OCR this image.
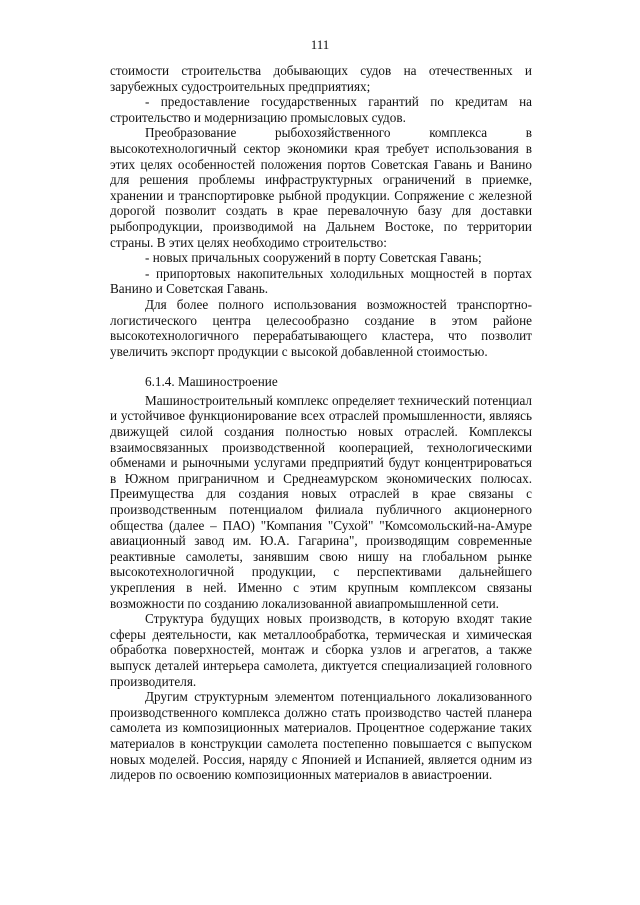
111

стоимости строительства добывающих судов на отечественных и зарубежных судостроительных предприятиях;

- предоставление государственных гарантий по кредитам на строительство и модернизацию промысловых судов.

Преобразование рыбохозяйственного комплекса в высокотехнологичный сектор экономики края требует использования в этих целях особенностей положения портов Советская Гавань и Ванино для решения проблемы инфраструктурных ограничений в приемке, хранении и транспортировке рыбной продукции. Сопряжение с железной дорогой позволит создать в крае перевалочную базу для доставки рыбопродукции, производимой на Дальнем Востоке, по территории страны. В этих целях необходимо строительство:

- новых причальных сооружений в порту Советская Гавань;

- припортовых накопительных холодильных мощностей в портах Ванино и Советская Гавань.

Для более полного использования возможностей транспортно-логистического центра целесообразно создание в этом районе высокотехнологичного перерабатывающего кластера, что позволит увеличить экспорт продукции с высокой добавленной стоимостью.

6.1.4. Машиностроение

Машиностроительный комплекс определяет технический потенциал и устойчивое функционирование всех отраслей промышленности, являясь движущей силой создания полностью новых отраслей. Комплексы взаимосвязанных производственной кооперацией, технологическими обменами и рыночными услугами предприятий будут концентрироваться в Южном приграничном и Среднеамурском экономических полюсах. Преимущества для создания новых отраслей в крае связаны с производственным потенциалом филиала публичного акционерного общества (далее – ПАО) "Компания "Сухой" "Комсомольский-на-Амуре авиационный завод им. Ю.А. Гагарина", производящим современные реактивные самолеты, занявшим свою нишу на глобальном рынке высокотехнологичной продукции, с перспективами дальнейшего укрепления в ней. Именно с этим крупным комплексом связаны возможности по созданию локализованной авиапромышленной сети.

Структура будущих новых производств, в которую входят такие сферы деятельности, как металлообработка, термическая и химическая обработка поверхностей, монтаж и сборка узлов и агрегатов, а также выпуск деталей интерьера самолета, диктуется специализацией головного производителя.

Другим структурным элементом потенциального локализованного производственного комплекса должно стать производство частей планера самолета из композиционных материалов. Процентное содержание таких материалов в конструкции самолета постепенно повышается с выпуском новых моделей. Россия, наряду с Японией и Испанией, является одним из лидеров по освоению композиционных материалов в авиастроении.
